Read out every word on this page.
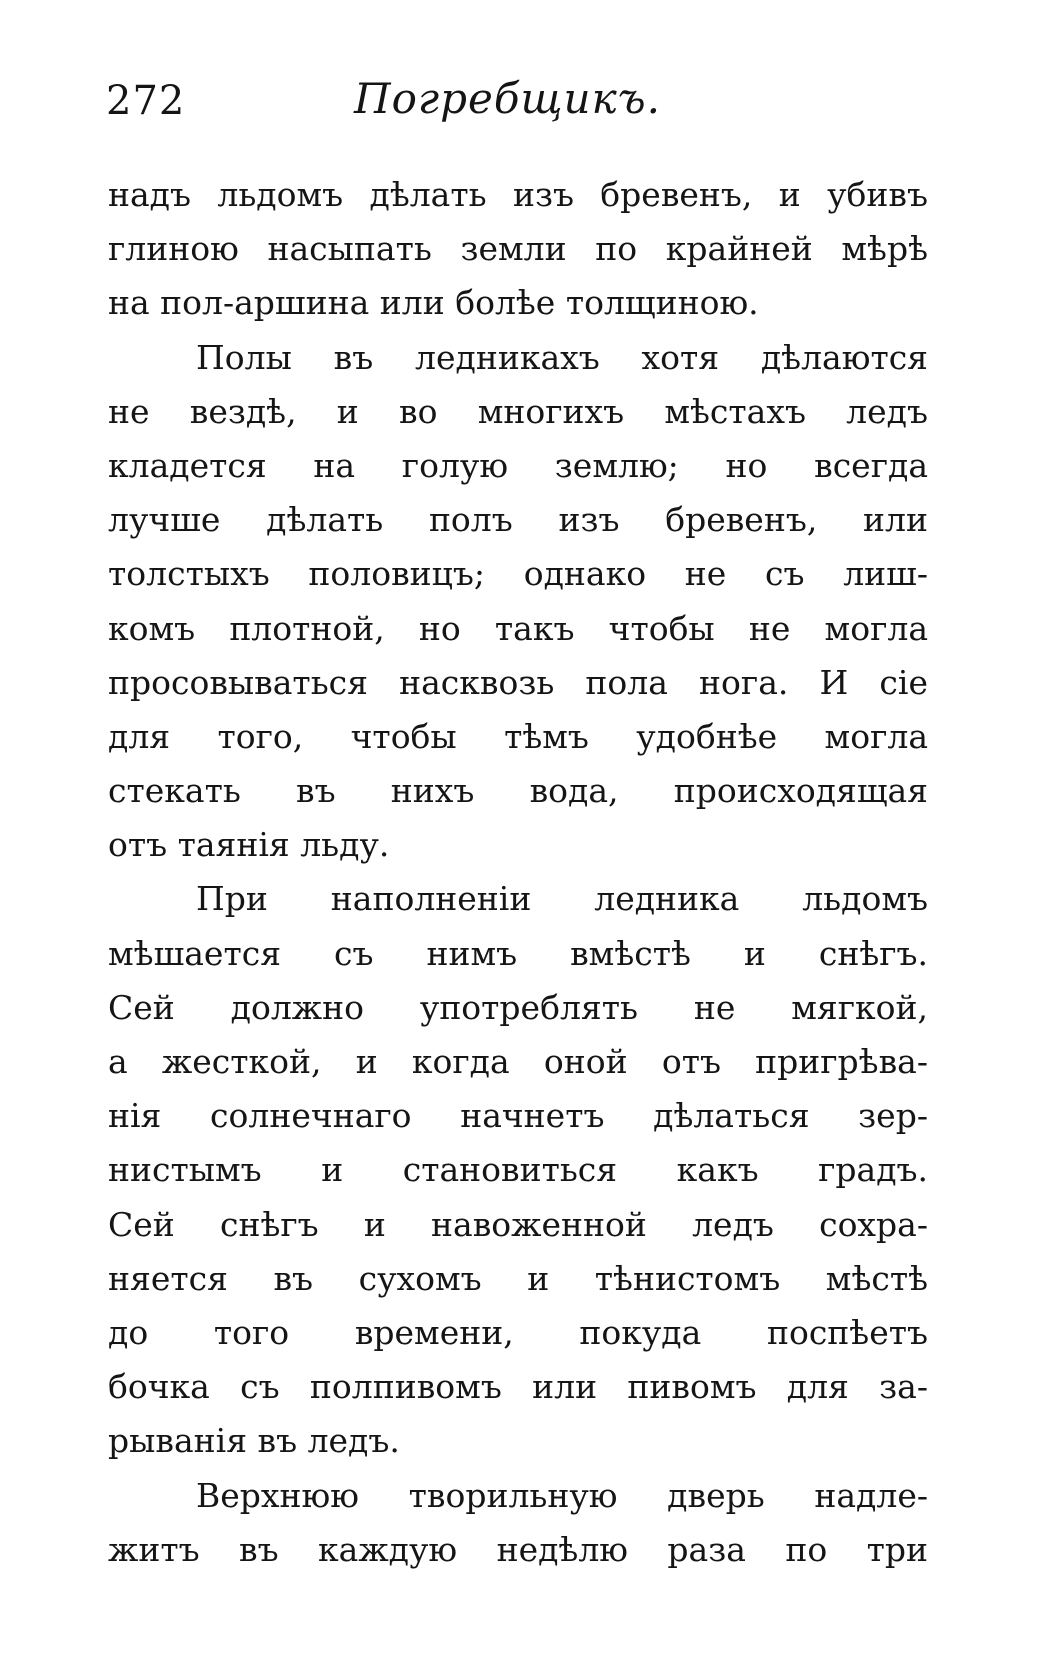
272	Погребщикъ.
надъ льдомъ дѣлать изъ бревенъ, и убивъ
глиною насыпать земли по крайней мѣрѣ
на пол-аршина или болѣе толщиною.
Полы въ ледникахъ хотя дѣлаются
не вездѣ, и во многихъ мѣстахъ ледъ
кладется на голую землю; но всегда
лучше дѣлать полъ изъ бревенъ, или
толстыхъ половицъ; однако не съ лиш-
комъ плотной, но такъ чтобы не могла
просовываться насквозь пола нога. И сіе
для того, чтобы тѣмъ удобнѣе могла
стекать въ нихъ вода, происходящая
отъ таянія льду.
При наполненіи ледника льдомъ
мѣшается съ нимъ вмѣстѣ и снѣгъ.
Сей должно употреблять не мягкой,
а жесткой, и когда оной отъ пригрѣва-
нія солнечнаго начнетъ дѣлаться зер-
нистымъ и становиться какъ градъ.
Сей снѣгъ и навоженной ледъ сохра-
няется въ сухомъ и тѣнистомъ мѣстѣ
до того времени, покуда поспѣетъ
бочка съ полпивомъ или пивомъ для за-
рыванія въ ледъ.
Верхнюю творильную дверь надле-
житъ въ каждую недѣлю раза по три
